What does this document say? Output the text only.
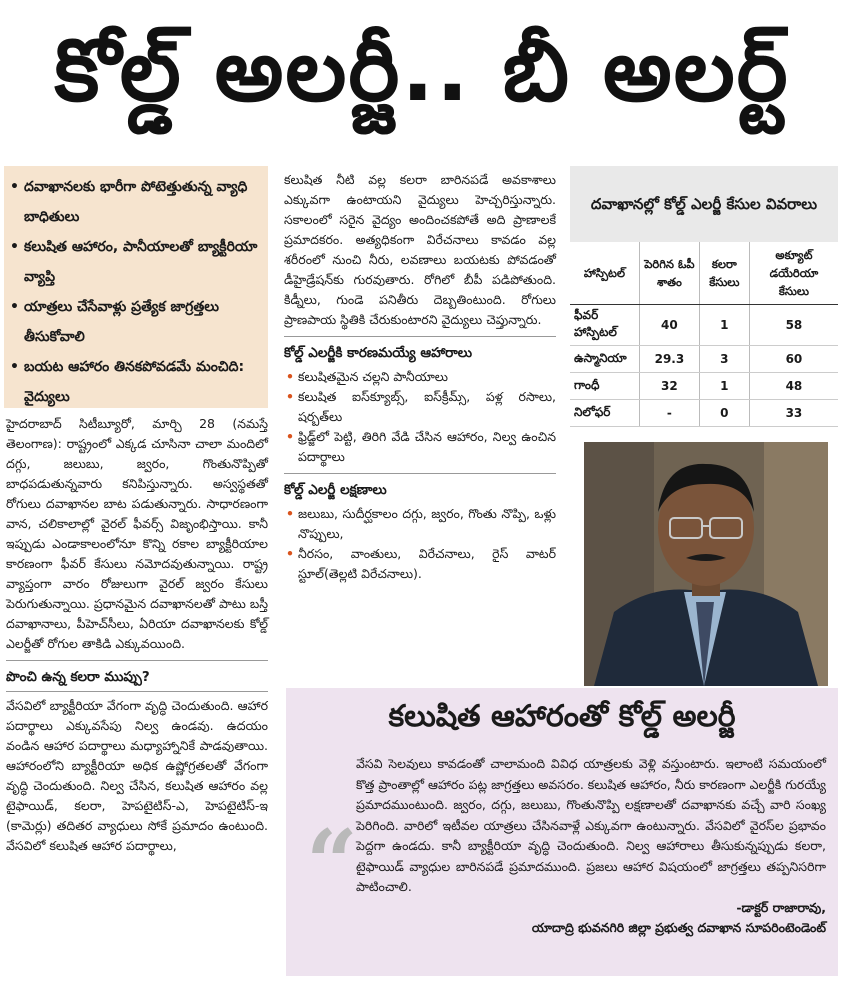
కోల్డ్ అలర్జీ.. బీ అలర్ట్
• దవాఖానలకు భారీగా పోటెత్తుతున్న వ్యాధి బాధితులు
• కలుషిత ఆహారం, పానీయాలతో బ్యాక్టీరియా వ్యాప్తి
• యాత్రలు చేసేవాళ్లు ప్రత్యేక జాగ్రత్తలు తీసుకోవాలి
• బయట ఆహారం తినకపోవడమే మంచిది: వైద్యులు

హైదరాబాద్ సిటీబ్యూరో, మార్చి 28 (నమస్తే తెలంగాణ): రాష్ట్రంలో ఎక్కడ చూసినా చాలా మందిలో దగ్గు, జలుబు, జ్వరం, గొంతునొప్పితో బాధపడుతున్నవారు కనిపిస్తున్నారు. అస్వస్థతతో రోగులు దవాఖానల బాట పడుతున్నారు. సాధారణంగా వాన, చలికాలాల్లో వైరల్ ఫీవర్స్ విజృంభిస్తాయి. కానీ ఇప్పుడు ఎండాకాలంలోనూ కొన్ని రకాల బ్యాక్టీరియాల కారణంగా ఫీవర్ కేసులు నమోదవుతున్నాయి. రాష్ట్ర వ్యాప్తంగా వారం రోజులుగా వైరల్ జ్వరం కేసులు పెరుగుతున్నాయి. ప్రధానమైన దవాఖానలతో పాటు బస్తీ దవాఖానాలు, పీహెచ్‌సీలు, ఏరియా దవాఖానలకు కోల్డ్ ఎలర్జీతో రోగుల తాకిడి ఎక్కువయింది.

పొంచి ఉన్న కలరా ముప్పు?

వేసవిలో బ్యాక్టీరియా వేగంగా వృద్ధి చెందుతుంది. ఆహార పదార్థాలు ఎక్కువసేపు నిల్వ ఉండవు. ఉదయం వండిన ఆహార పదార్థాలు మధ్యాహ్నానికే పాడవుతాయి. ఆహారంలోని బ్యాక్టీరియా అధిక ఉష్ణోగ్రతలతో వేగంగా వృద్ధి చెందుతుంది. నిల్వ చేసిన, కలుషిత ఆహారం వల్ల టైఫాయిడ్, కలరా, హెపటైటిస్-ఎ, హెపటైటిస్-ఇ (కామెర్లు) తదితర వ్యాధులు సోకే ప్రమాదం ఉంటుంది. వేసవిలో కలుషిత ఆహార పదార్థాలు,

కలుషిత నీటి వల్ల కలరా బారినపడే అవకాశాలు ఎక్కువగా ఉంటాయని వైద్యులు హెచ్చరిస్తున్నారు. సకాలంలో సరైన వైద్యం అందించకపోతే అది ప్రాణాలకే ప్రమాదకరం. అత్యధికంగా విరేచనాలు కావడం వల్ల శరీరంలో నుంచి నీరు, లవణాలు బయటకు పోవడంతో డీహైడ్రేషన్‌కు గురవుతారు. రోగిలో బీపీ పడిపోతుంది. కిడ్నీలు, గుండె పనితీరు దెబ్బతింటుంది. రోగులు ప్రాణపాయ స్థితికి చేరుకుంటారని వైద్యులు చెప్తున్నారు.

కోల్డ్ ఎలర్జీకి కారణమయ్యే ఆహారాలు
• కలుషితమైన చల్లని పానీయాలు
• కలుషిత ఐస్‌క్యూబ్స్, ఐస్‌క్రీమ్స్, పళ్ల రసాలు, షర్బత్‌లు
• ఫ్రిడ్జ్‌లో పెట్టి, తిరిగి వేడి చేసిన ఆహారం, నిల్వ ఉంచిన పదార్థాలు
కోల్డ్ ఎలర్జీ లక్షణాలు
• జలుబు, సుదీర్ఘకాలం దగ్గు, జ్వరం, గొంతు నొప్పి, ఒళ్లు నొప్పులు,
• నీరసం, వాంతులు, విరేచనాలు, రైస్ వాటర్ స్టూల్(తెల్లటి విరేచనాలు).
దవాఖానల్లో కోల్డ్ ఎలర్జీ కేసుల వివరాలు
హాస్పిటల్	పెరిగిన ఓపీ శాతం	కలరా కేసులు	అక్యూట్ డయేరియా కేసులు
ఫీవర్ హాస్పిటల్	40	1	58
ఉస్మానియా	29.3	3	60
గాంధీ	32	1	48
నిలోఫర్	-	0	33
కలుషిత ఆహారంతో కోల్డ్ అలర్జీ
“

వేసవి సెలవులు కావడంతో చాలామంది వివిధ యాత్రలకు వెళ్లి వస్తుంటారు. ఇలాంటి సమయంలో కొత్త ప్రాంతాల్లో ఆహారం పట్ల జాగ్రత్తలు అవసరం. కలుషిత ఆహారం, నీరు కారణంగా ఎలర్జీకి గురయ్యే ప్రమాదముంటుంది. జ్వరం, దగ్గు, జలుబు, గొంతునొప్పి లక్షణాలతో దవాఖానకు వచ్చే వారి సంఖ్య పెరిగింది. వారిలో ఇటీవల యాత్రలు చేసినవాళ్లే ఎక్కువగా ఉంటున్నారు. వేసవిలో వైరస్‌ల ప్రభావం పెద్దగా ఉండదు. కానీ బ్యాక్టీరియా వృద్ధి చెందుతుంది. నిల్వ ఆహారాలు తీసుకున్నప్పుడు కలరా, టైఫాయిడ్ వ్యాధుల బారినపడే ప్రమాదముంది. ప్రజలు ఆహార విషయంలో జాగ్రత్తలు తప్పనిసరిగా పాటించాలి.

-డాక్టర్ రాజారావు,
యాదాద్రి భువనగిరి జిల్లా ప్రభుత్వ దవాఖాన సూపరింటెండెంట్
